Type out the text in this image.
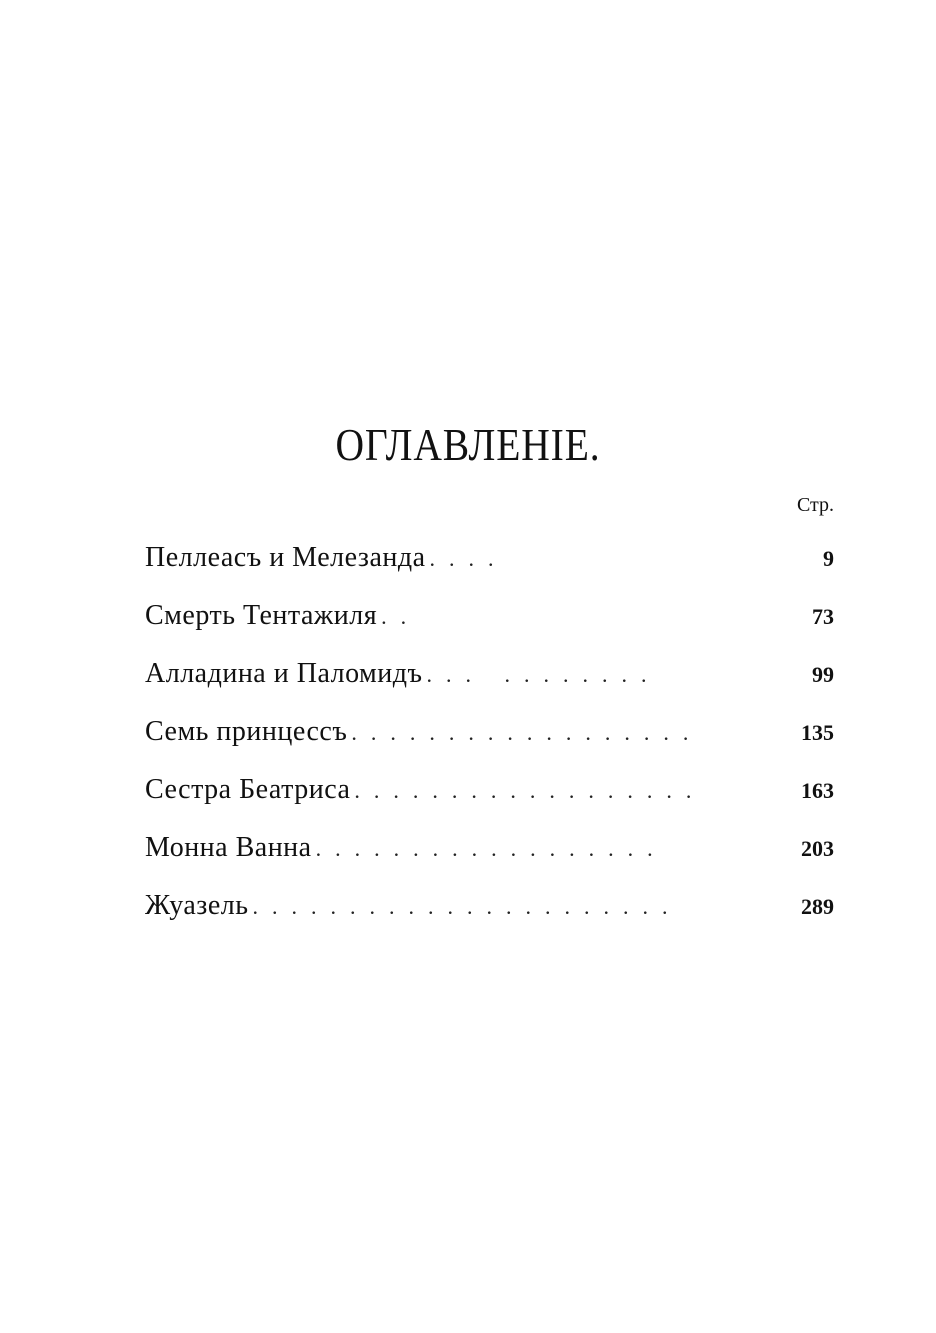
ОГЛАВЛЕНІЕ.
Стр.
Пеллеасъ и Мелезанда ....	9
Смерть Тентажиля ..	73
Алладина и Паломидъ ... ........	99
Семь принцессъ ..................	135
Сестра Беатриса ..................	163
Монна Ванна ..................	203
Жуазель ......................	289
